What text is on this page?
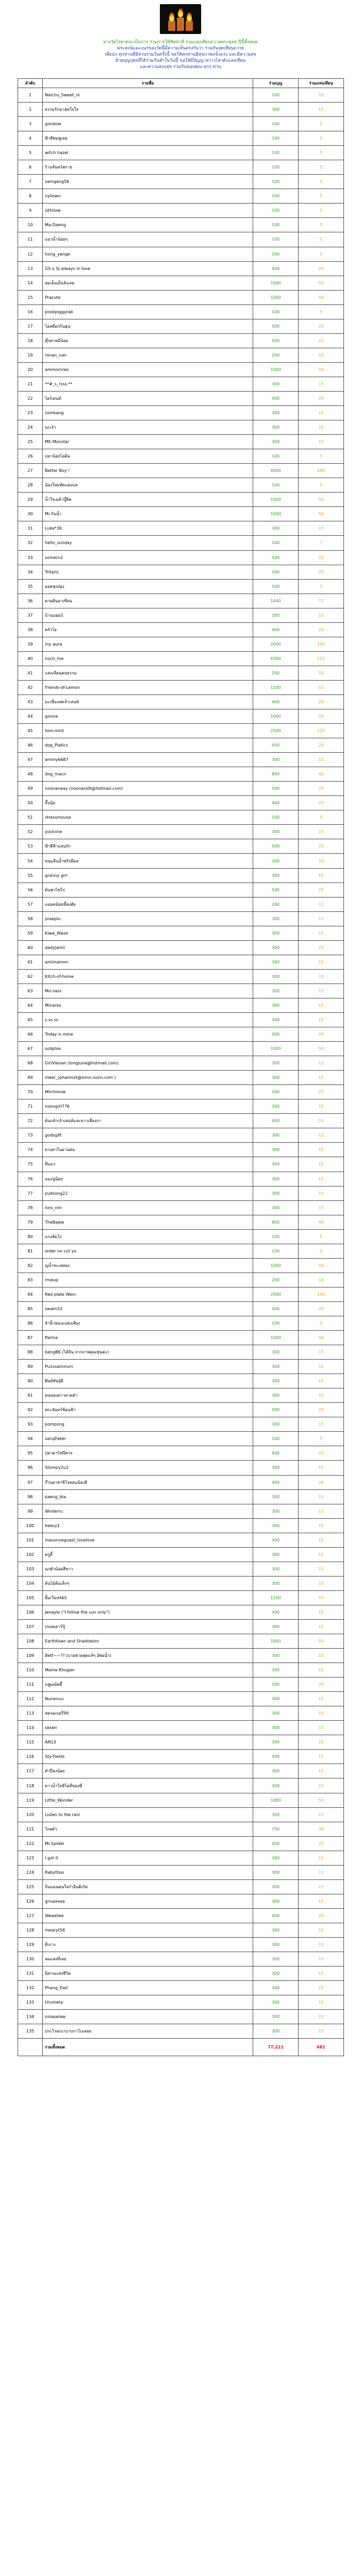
ทางวัดไร่ตาดจะเป็นการ ร่วมการให้ทีหน้าที่ ร่วมแสงเทียนถวายพระพุทธ ปีนี้ทั้งหมด
พระสงฆ์และเณรของวัดนี้มีความเห็นตรงกันว่า ร่วมกันจุดเทียนถวาย
เพื่อนๆ ทุกท่านที่มีส่วนร่วมในครั้งนี้ ขอให้ทุกท่านมีสุขภาพแข็งแรง และมีความสุข
ด้วยบุญกุศลที่ได้ร่วมกันทำในวันนี้ ขอให้มีปัญญาสว่างไสวดังแสงเทียน
และความสงบสุข ร่วมกันขอบคุณ ทุกๆ ท่าน
ลำดับ	รายชื่อ	ร่วมบุญ	ร่วมแท่งเทียน
1	Naichu_Sweet_ni	200	10
2	ธรรมรักษาสุขใจใจ	300	15
3	gondow	100	5
4	ฟ้าสีชมพูเทอ	100	5
5	witch hazel	100	5
6	ร้านจันทร์สกาย	100	5
7	samgang56	100	5
8	nyllown	100	5
9	sithilow	100	5
10	Ma-Daeng	100	5
11	แมวน้ำน้อยๆ	100	5
12	hong_yenge	100	5
13	GS x SJ always in love	400	20
14	ลมเย็นเย็นจังเลย	1000	50
15	Pracute	1000	50
16	pookpiggyrab	100	5
17	ไอสต๊อกกินฮุน	500	25
18	ตุ๊กตาหมีน้อย	500	25
19	ronan_nan	200	10
20	ammornrex	1000	50
21	**#_s_rsss.**	300	15
22	ไอร์เดนท์	400	20
23	somkang	300	15
24	นะเจ้า	300	15
25	ME-Monstar	300	15
26	ปลาน้อยไอติม	100	5
27	Better Boy !	4000	200
28	น้องใหม่หัดแต่งบล	100	5
29	น้ำใจเมต้าบู๊ติค	1000	50
30	Mr.กินน้ำ	1000	50
31	Luke*36	300	15
32	hello_sunday	140	7
33	somern2	500	25
34	Tritaris	500	25
35	ยอดพุงป่อง	100	5
36	ตามฝันอาเซียน	1440	72
37	บ้านบอมบ์	200	10
38	ครัวไอ	400	20
39	my aura	2000	100
40	noch_me	4300	215
41	แสงเทียนคนธรรม	200	10
42	friends-of-Lemon	1100	55
43	มะเขือเทศเจ้าเสน่ห์	400	20
44	gonna	1000	50
45	tom-mint	2500	125
46	dog_Platics	400	20
47	ammy6687	300	15
48	dog_macn	800	40
49	noonaneay (noonand9@hotmail.com)	500	25
50	จิ๊บนุ้ย	400	20
51	stressmouse	100	5
52	yoshiine	300	15
53	ฟ้าสีฟ้าแสนรัก	500	25
54	ขนมจีนน้ำพริกผีผล	200	10
55	granny girl	300	15
56	ต้นชาไข่ไก่	500	25
57	แม่มดน้อยขี้สงสัย	240	12
58	praeplu	300	15
59	Kiwa_Wave	300	15
60	dadyjamii	300	15
61	amimaimm	300	15
62	Kitch-of-home	300	15
63	Mo-sass	300	15
64	Minarex	300	15
65	s.ss.ss	300	15
66	Today is mine	400	20
67	soliphie	1000	50
68	GirlVienan (longjune@hotmail.com)	300	15
69	meer_(phamost@sonn-sonn.com )	300	15
70	Mhrimmie	500	25
71	noongirl776	300	15
72	ต้นกล้าเจ้าเสน่ห์และลาวเสี่ยงภา	400	20
73	godsgift	300	15
74	ดวงตาในม่านฝน	300	15
75	ทีแมว	300	15
76	แมงปูน้อย	300	15
77	yudsong22	300	15
78	hiro_rim	300	15
79	TheBajee	800	40
80	แกงส้มไก่	100	5
81	order no cut yo	100	5
82	ญน้ำทะเลทอง	1000	50
83	rmeup	200	10
84	Red plate Wein	2000	100
85	swam33	400	20
86	ล้านิ้วหมนเปล่งเสียง	100	5
87	Parina	1000	50
88	bengBK (ได้ยิน จากภาพคุณชุ่นค่ะ)	300	15
89	Puxxsamirum	300	15
90	ศิษย์พันธุ์ดี	300	15
91	คนของดาวลาดดำ	300	15
92	พระจันทร์ซ้อนฟ้า	500	25
93	pompong	300	15
94	sarujFaker	100	5
95	ปลาคาร์ฟปีศาจ	400	20
96	Stompy2u2	300	15
97	ก๊วนอาสาชิโจตอบน้องสิ	400	20
98	kaeng_bla	300	15
99	Winterru	300	15
100	beesy1	300	15
101	masonvegoast_lovelove	300	15
102	ครูตี้	300	15
103	นกตัวน้อยสีขาว	300	15
104	ต้นไม้ต้นเล็กๆ	300	15
105	ยิ้มเวียงHAS	1100	55
106	Jenayle ("I follow the sun only")	300	15
107	ปรเพเดาร์ปุ้	300	15
108	Earthtown and Shadowion	1000	50
109	Bett~~?? (บายพายพุดแท้ๆ อัพอน้ำ)	300	15
110	Mame Khugan	300	15
111	บลูมเม้ดดี้	500	25
112	Nunenuu	300	15
113	สตรอเบอรี่99	300	15
114	sexen	300	15
115	AN13	300	15
116	Sty-Fields	300	15
117	ตัวป๊องน้อย	300	15
118	ดาวน้ำใจชิโดที่ของพี่	300	15
119	Little_Wonder	1000	50
120	Listen to the rain	300	15
121	ไกลตัว	750	38
122	Mr.Spider	400	20
123	I got it	300	15
124	Rabythos	300	15
125	ถิ่นแมนคนใจกำอินดิเกิด	300	15
126	ลูกบอลลอย	300	15
127	Weaaliee	400	20
128	mearyt58	300	15
129	ดีเกาะ	300	15
130	ลมแสงที่เลย	300	15
131	นิทานแห่งชีวิต	300	15
132	Phang_Ead	300	15
133	Urumeta	300	15
134	ninaselaw	300	15
135	ประโรมเบาบาบกาโบเลยย	300	15
	รวมทั้งหมด	77,221	681
